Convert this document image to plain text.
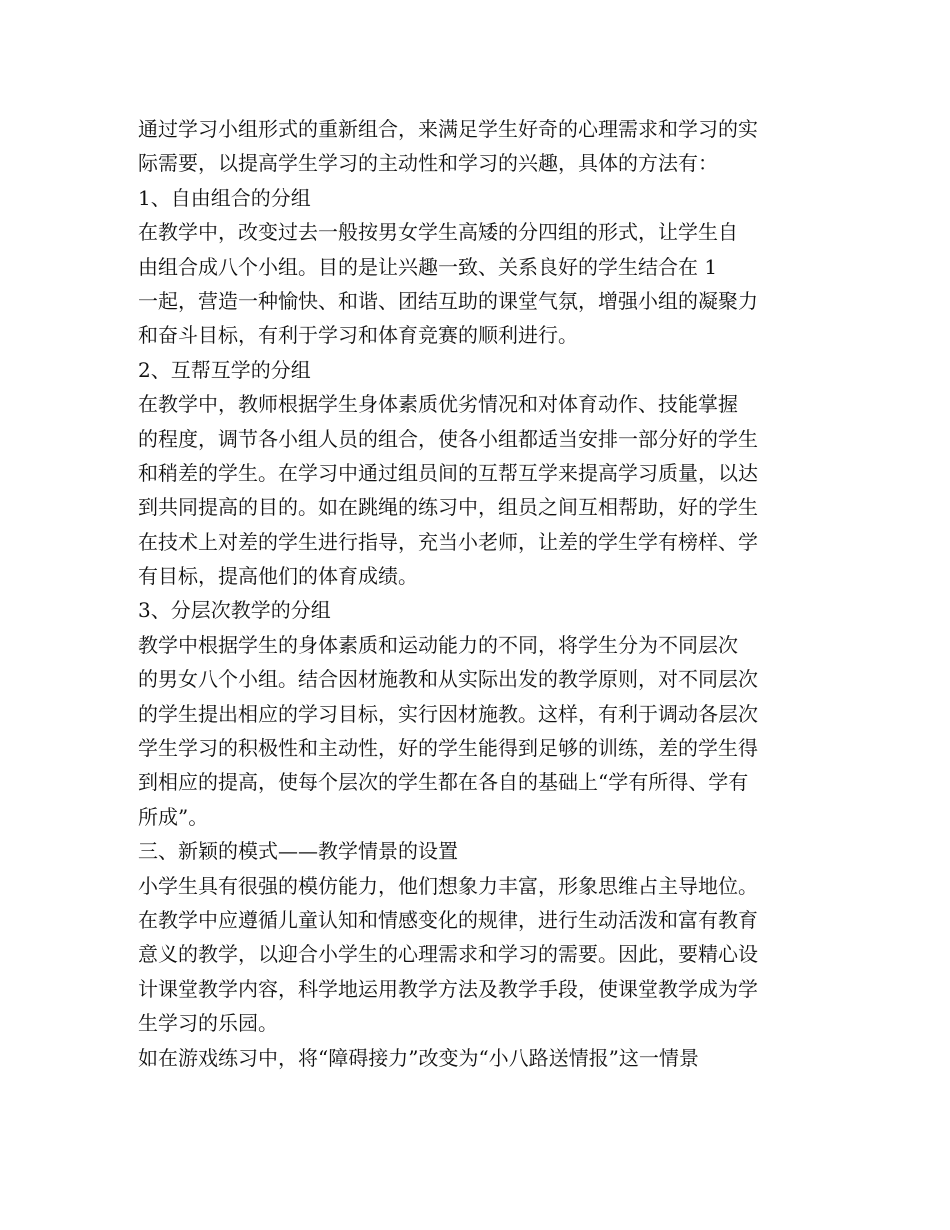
通过学习小组形式的重新组合，来满足学生好奇的心理需求和学习的实
际需要，以提高学生学习的主动性和学习的兴趣，具体的方法有：
1、自由组合的分组
在教学中，改变过去一般按男女学生高矮的分四组的形式，让学生自
由组合成八个小组。目的是让兴趣一致、关系良好的学生结合在 1
一起，营造一种愉快、和谐、团结互助的课堂气氛，增强小组的凝聚力
和奋斗目标，有利于学习和体育竞赛的顺利进行。
2、互帮互学的分组
在教学中，教师根据学生身体素质优劣情况和对体育动作、技能掌握
的程度，调节各小组人员的组合，使各小组都适当安排一部分好的学生
和稍差的学生。在学习中通过组员间的互帮互学来提高学习质量，以达
到共同提高的目的。如在跳绳的练习中，组员之间互相帮助，好的学生
在技术上对差的学生进行指导，充当小老师，让差的学生学有榜样、学
有目标，提高他们的体育成绩。
3、分层次教学的分组
教学中根据学生的身体素质和运动能力的不同，将学生分为不同层次
的男女八个小组。结合因材施教和从实际出发的教学原则，对不同层次
的学生提出相应的学习目标，实行因材施教。这样，有利于调动各层次
学生学习的积极性和主动性，好的学生能得到足够的训练，差的学生得
到相应的提高，使每个层次的学生都在各自的基础上“学有所得、学有
所成”。
三、新颖的模式——教学情景的设置
小学生具有很强的模仿能力，他们想象力丰富，形象思维占主导地位。
在教学中应遵循儿童认知和情感变化的规律，进行生动活泼和富有教育
意义的教学，以迎合小学生的心理需求和学习的需要。因此，要精心设
计课堂教学内容，科学地运用教学方法及教学手段，使课堂教学成为学
生学习的乐园。
如在游戏练习中，将“障碍接力”改变为“小八路送情报”这一情景
